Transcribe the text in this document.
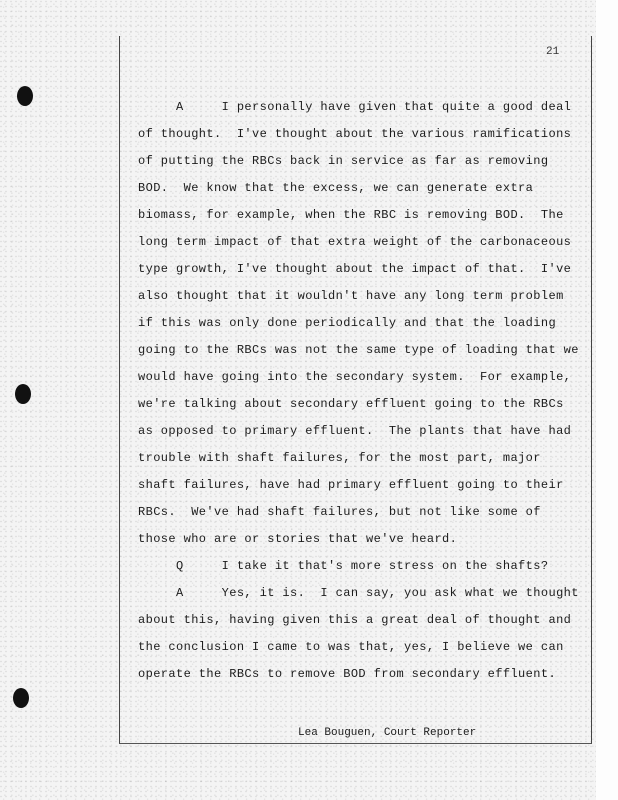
21
A     I personally have given that quite a good deal
of thought.  I've thought about the various ramifications
of putting the RBCs back in service as far as removing
BOD.  We know that the excess, we can generate extra
biomass, for example, when the RBC is removing BOD.  The
long term impact of that extra weight of the carbonaceous
type growth, I've thought about the impact of that.  I've
also thought that it wouldn't have any long term problem
if this was only done periodically and that the loading
going to the RBCs was not the same type of loading that we
would have going into the secondary system.  For example,
we're talking about secondary effluent going to the RBCs
as opposed to primary effluent.  The plants that have had
trouble with shaft failures, for the most part, major
shaft failures, have had primary effluent going to their
RBCs.  We've had shaft failures, but not like some of
those who are or stories that we've heard.
Q     I take it that's more stress on the shafts?
A     Yes, it is.  I can say, you ask what we thought
about this, having given this a great deal of thought and
the conclusion I came to was that, yes, I believe we can
operate the RBCs to remove BOD from secondary effluent.
Lea Bouguen, Court Reporter
